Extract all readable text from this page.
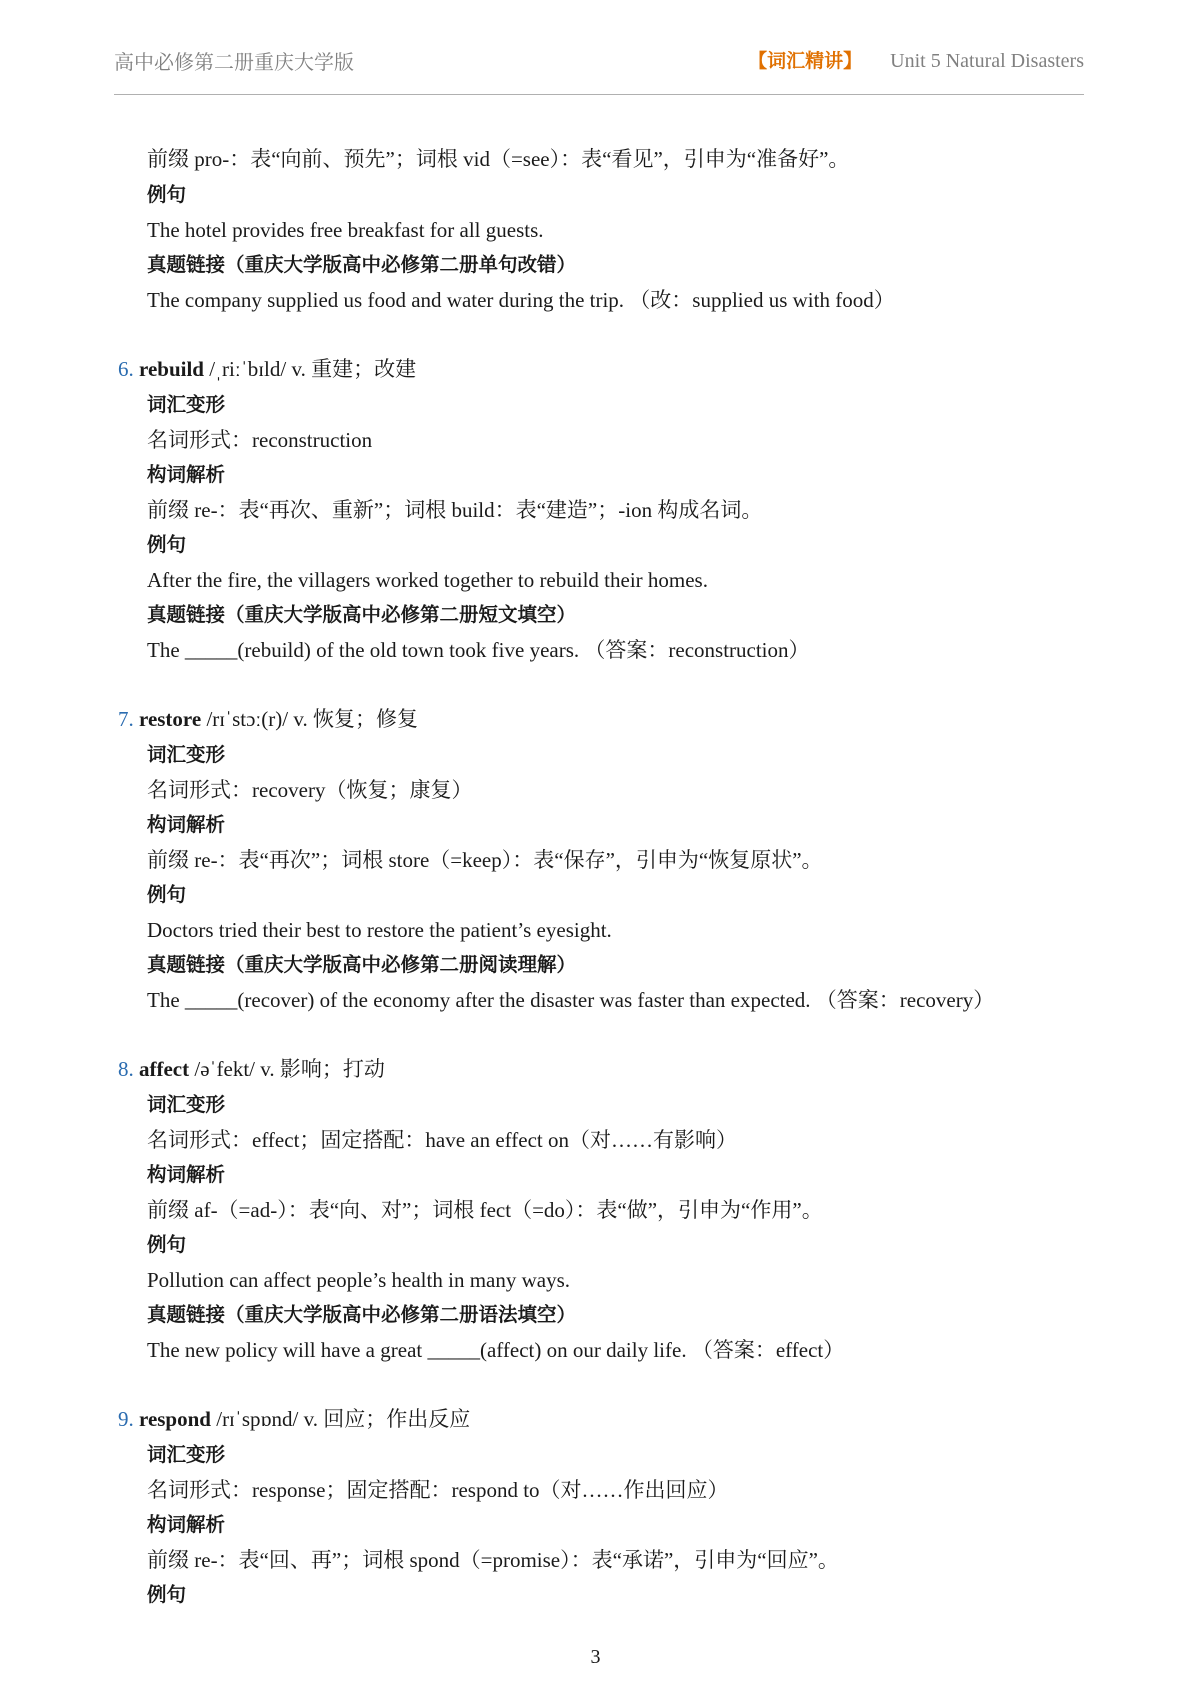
高中必修第二册重庆大学版	【词汇精讲】 Unit 5 Natural Disasters
前缀 pro-：表“向前、预先”；词根 vid（=see）：表“看见”，引申为“准备好”。
例句
The hotel provides free breakfast for all guests.
真题链接（重庆大学版高中必修第二册单句改错）
The company supplied us food and water during the trip. （改：supplied us with food）
6. rebuild /ˌriːˈbɪld/ v. 重建；改建
词汇变形
名词形式：reconstruction
构词解析
前缀 re-：表“再次、重新”；词根 build：表“建造”；-ion 构成名词。
例句
After the fire, the villagers worked together to rebuild their homes.
真题链接（重庆大学版高中必修第二册短文填空）
The _____(rebuild) of the old town took five years. （答案：reconstruction）
7. restore /rɪˈstɔː(r)/ v. 恢复；修复
词汇变形
名词形式：recovery（恢复；康复）
构词解析
前缀 re-：表“再次”；词根 store（=keep）：表“保存”，引申为“恢复原状”。
例句
Doctors tried their best to restore the patient’s eyesight.
真题链接（重庆大学版高中必修第二册阅读理解）
The _____(recover) of the economy after the disaster was faster than expected. （答案：recovery）
8. affect /əˈfekt/ v. 影响；打动
词汇变形
名词形式：effect；固定搭配：have an effect on（对……有影响）
构词解析
前缀 af-（=ad-）：表“向、对”；词根 fect（=do）：表“做”，引申为“作用”。
例句
Pollution can affect people’s health in many ways.
真题链接（重庆大学版高中必修第二册语法填空）
The new policy will have a great _____(affect) on our daily life. （答案：effect）
9. respond /rɪˈspɒnd/ v. 回应；作出反应
词汇变形
名词形式：response；固定搭配：respond to（对……作出回应）
构词解析
前缀 re-：表“回、再”；词根 spond（=promise）：表“承诺”，引申为“回应”。
例句
3
